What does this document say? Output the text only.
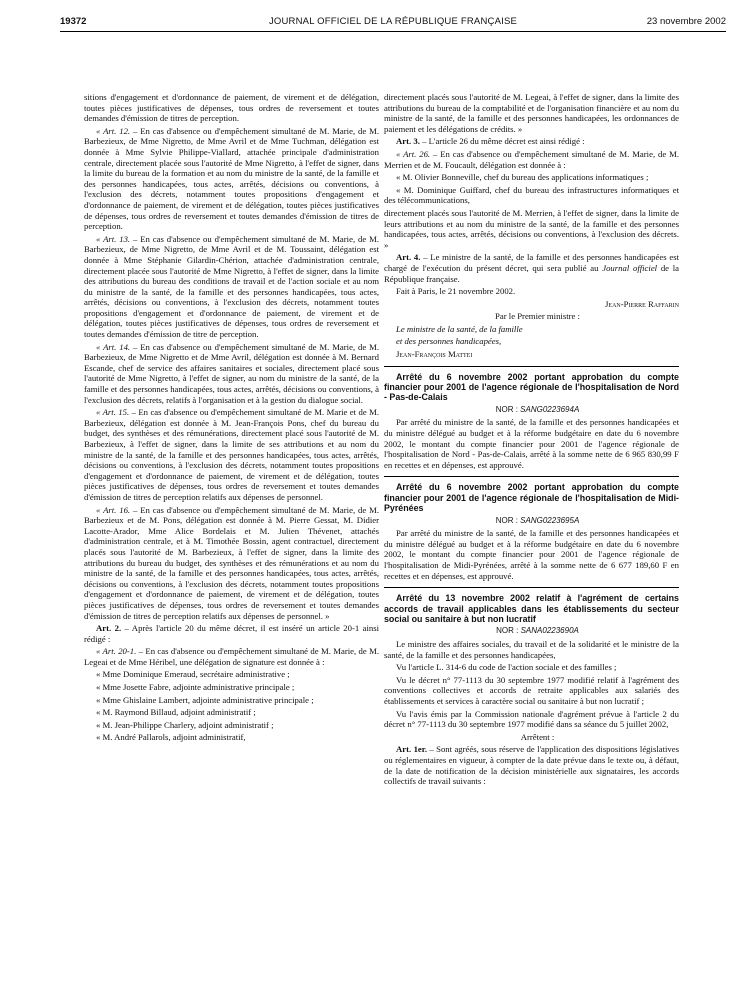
19372	JOURNAL OFFICIEL DE LA RÉPUBLIQUE FRANÇAISE	23 novembre 2002

sitions d'engagement et d'ordonnance de paiement, de virement et de délégation, toutes pièces justificatives de dépenses, tous ordres de reversement et toutes demandes d'émission de titres de perception.

« Art. 12. – En cas d'absence ou d'empêchement simultané de M. Marie, de M. Barbezieux, de Mme Nigretto, de Mme Avril et de Mme Tuchman, délégation est donnée à Mme Sylvie Philippe-Viallard, attachée principale d'administration centrale, directement placée sous l'autorité de Mme Nigretto, à l'effet de signer, dans la limite du bureau de la formation et au nom du ministre de la santé, de la famille et des personnes handicapées, tous actes, arrêtés, décisions ou conventions, à l'exclusion des décrets, notamment toutes propositions d'engagement et d'ordonnance de paiement, de virement et de délégation, toutes pièces justificatives de dépenses, tous ordres de reversement et toutes demandes d'émission de titres de perception.

« Art. 13. – En cas d'absence ou d'empêchement simultané de M. Marie, de M. Barbezieux, de Mme Nigretto, de Mme Avril et de M. Toussaint, délégation est donnée à Mme Stéphanie Gilardin-Chérion, attachée d'administration centrale, directement placée sous l'autorité de Mme Nigretto, à l'effet de signer, dans la limite des attributions du bureau des conditions de travail et de l'action sociale et au nom du ministre de la santé, de la famille et des personnes handicapées, tous actes, arrêtés, décisions ou conventions, à l'exclusion des décrets, notamment toutes propositions d'engagement et d'ordonnance de paiement, de virement et de délégation, toutes pièces justificatives de dépenses, tous ordres de reversement et toutes demandes d'émission de titre de perception.

« Art. 14. – En cas d'absence ou d'empêchement simultané de M. Marie, de M. Barbezieux, de Mme Nigretto et de Mme Avril, délégation est donnée à M. Bernard Escande, chef de service des affaires sanitaires et sociales, directement placé sous l'autorité de Mme Nigretto, à l'effet de signer, au nom du ministre de la santé, de la famille et des personnes handicapées, tous actes, arrêtés, décisions ou conventions, à l'exclusion des décrets, relatifs à l'organisation et à la gestion du dialogue social.

« Art. 15. – En cas d'absence ou d'empêchement simultané de M. Marie et de M. Barbezieux, délégation est donnée à M. Jean-François Pons, chef du bureau du budget, des synthèses et des rémunérations, directement placé sous l'autorité de M. Barbezieux, à l'effet de signer, dans la limite de ses attributions et au nom du ministre de la santé, de la famille et des personnes handicapées, tous actes, arrêtés, décisions ou conventions, à l'exclusion des décrets, notamment toutes propositions d'engagement et d'ordonnance de paiement, de virement et de délégation, toutes pièces justificatives de dépenses, tous ordres de reversement et toutes demandes d'émission de titres de perception relatifs aux dépenses de personnel.

« Art. 16. – En cas d'absence ou d'empêchement simultané de M. Marie, de M. Barbezieux et de M. Pons, délégation est donnée à M. Pierre Gessat, M. Didier Lacotte-Arador, Mme Alice Bordelais et M. Julien Thévenet, attachés d'administration centrale, et à M. Timothée Bossin, agent contractuel, directement placés sous l'autorité de M. Barbezieux, à l'effet de signer, dans la limite des attributions du bureau du budget, des synthèses et des rémunérations et au nom du ministre de la santé, de la famille et des personnes handicapées, tous actes, arrêtés, décisions ou conventions, à l'exclusion des décrets, notamment toutes propositions d'engagement et d'ordonnance de paiement, de virement et de délégation, toutes pièces justificatives de dépenses, tous ordres de reversement et toutes demandes d'émission de titres de perception relatifs aux dépenses de personnel. »

Art. 2. – Après l'article 20 du même décret, il est inséré un article 20-1 ainsi rédigé :

« Art. 20-1. – En cas d'absence ou d'empêchement simultané de M. Marie, de M. Legeai et de Mme Héribel, une délégation de signature est donnée à :

« Mme Dominique Emeraud, secrétaire administrative ;

« Mme Josette Fabre, adjointe administrative principale ;

« Mme Ghislaine Lambert, adjointe administrative principale ;

« M. Raymond Billaud, adjoint administratif ;

« M. Jean-Philippe Charlery, adjoint administratif ;

« M. André Pallarols, adjoint administratif,

directement placés sous l'autorité de M. Legeai, à l'effet de signer, dans la limite des attributions du bureau de la comptabilité et de l'organisation financière et au nom du ministre de la santé, de la famille et des personnes handicapées, les ordonnances de paiement et les délégations de crédits. »

Art. 3. – L'article 26 du même décret est ainsi rédigé :

« Art. 26. – En cas d'absence ou d'empêchement simultané de M. Marie, de M. Merrien et de M. Foucault, délégation est donnée à :

« M. Olivier Bonneville, chef du bureau des applications informatiques ;

« M. Dominique Guiffard, chef du bureau des infrastructures informatiques et des télécommunications,

directement placés sous l'autorité de M. Merrien, à l'effet de signer, dans la limite de leurs attributions et au nom du ministre de la santé, de la famille et des personnes handicapées, tous actes, arrêtés, décisions ou conventions, à l'exclusion des décrets. »

Art. 4. – Le ministre de la santé, de la famille et des personnes handicapées est chargé de l'exécution du présent décret, qui sera publié au Journal officiel de la République française.

Fait à Paris, le 21 novembre 2002.

Jean-Pierre Raffarin

Par le Premier ministre :

Le ministre de la santé, de la famille

et des personnes handicapées,

Jean-François Mattei

Arrêté du 6 novembre 2002 portant approbation du compte financier pour 2001 de l'agence régionale de l'hospitalisation de Nord - Pas-de-Calais

NOR : SANG0223694A

Par arrêté du ministre de la santé, de la famille et des personnes handicapées et du ministre délégué au budget et à la réforme budgétaire en date du 6 novembre 2002, le montant du compte financier pour 2001 de l'agence régionale de l'hospitalisation de Nord - Pas-de-Calais, arrêté à la somme nette de 6 965 830,99 F en recettes et en dépenses, est approuvé.

Arrêté du 6 novembre 2002 portant approbation du compte financier pour 2001 de l'agence régionale de l'hospitalisation de Midi-Pyrénées

NOR : SANG0223695A

Par arrêté du ministre de la santé, de la famille et des personnes handicapées et du ministre délégué au budget et à la réforme budgétaire en date du 6 novembre 2002, le montant du compte financier pour 2001 de l'agence régionale de l'hospitalisation de Midi-Pyrénées, arrêté à la somme nette de 6 677 189,60 F en recettes et en dépenses, est approuvé.

Arrêté du 13 novembre 2002 relatif à l'agrément de certains accords de travail applicables dans les établissements du secteur social ou sanitaire à but non lucratif

NOR : SANA0223690A

Le ministre des affaires sociales, du travail et de la solidarité et le ministre de la santé, de la famille et des personnes handicapées,

Vu l'article L. 314-6 du code de l'action sociale et des familles ;

Vu le décret n° 77-1113 du 30 septembre 1977 modifié relatif à l'agrément des conventions collectives et accords de retraite applicables aux salariés des établissements et services à caractère social ou sanitaire à but non lucratif ;

Vu l'avis émis par la Commission nationale d'agrément prévue à l'article 2 du décret n° 77-1113 du 30 septembre 1977 modifié dans sa séance du 5 juillet 2002,

Arrêtent :

Art. 1er. – Sont agréés, sous réserve de l'application des dispositions législatives ou réglementaires en vigueur, à compter de la date prévue dans le texte ou, à défaut, de la date de notification de la décision ministérielle aux signataires, les accords collectifs de travail suivants :
